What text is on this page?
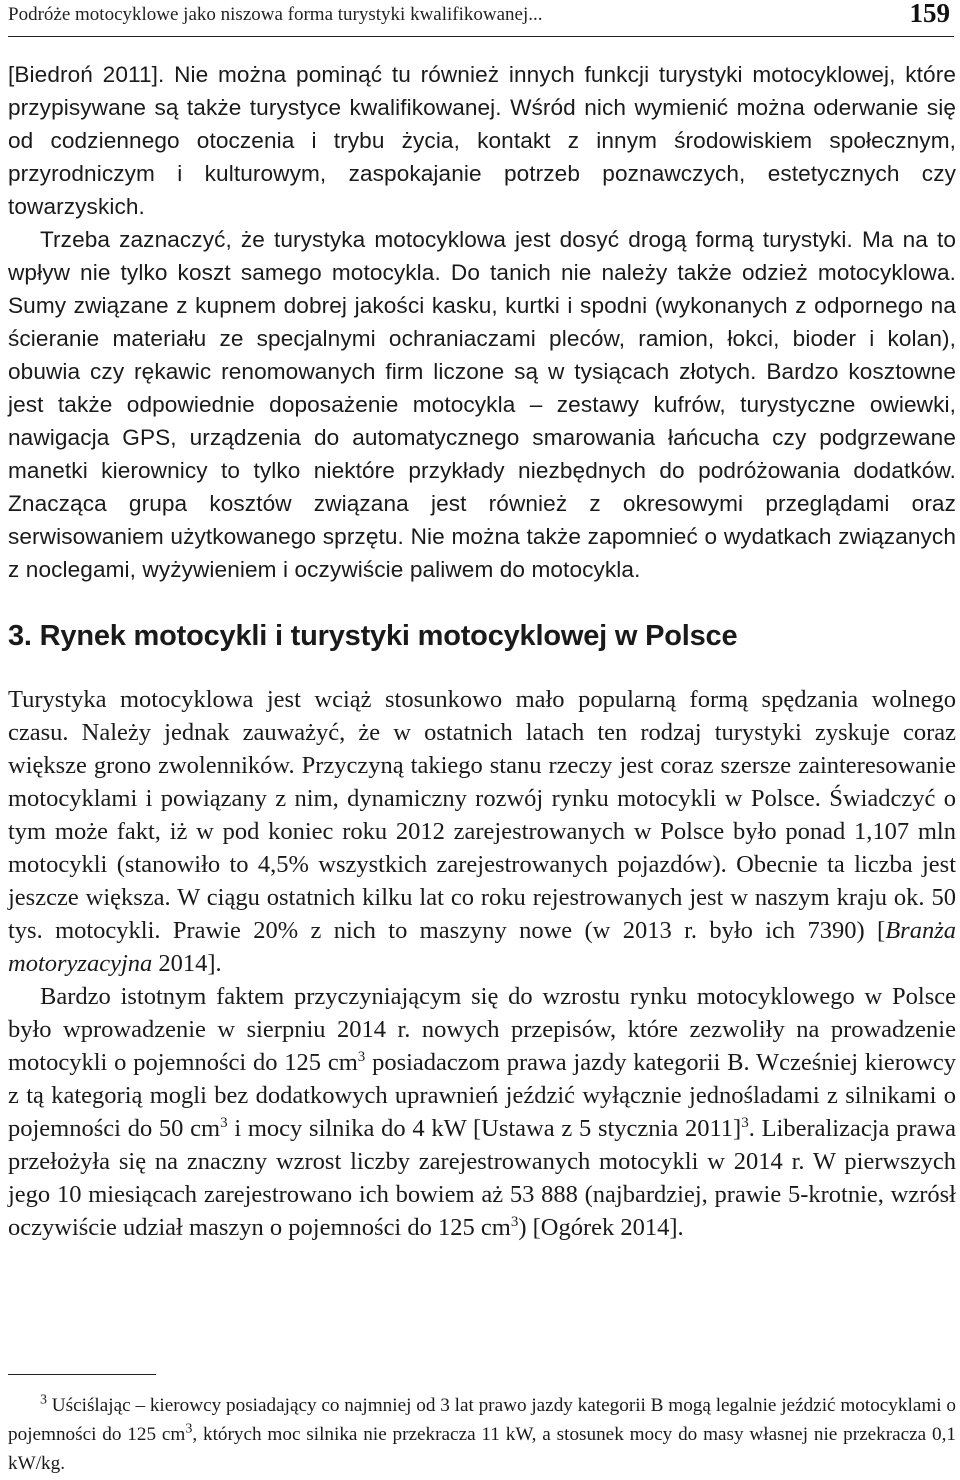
Podróże motocyklowe jako niszowa forma turystyki kwalifikowanej...	159

[Biedroń 2011]. Nie można pominąć tu również innych funkcji turystyki motocyklowej, które przypisywane są także turystyce kwalifikowanej. Wśród nich wymienić można oderwanie się od codziennego otoczenia i trybu życia, kontakt z innym środowiskiem społecznym, przyrodniczym i kulturowym, zaspokajanie potrzeb poznawczych, estetycznych czy towarzyskich.

Trzeba zaznaczyć, że turystyka motocyklowa jest dosyć drogą formą turystyki. Ma na to wpływ nie tylko koszt samego motocykla. Do tanich nie należy także odzież motocyklowa. Sumy związane z kupnem dobrej jakości kasku, kurtki i spodni (wykonanych z odpornego na ścieranie materiału ze specjalnymi ochraniaczami pleców, ramion, łokci, bioder i kolan), obuwia czy rękawic renomowanych firm liczone są w tysiącach złotych. Bardzo kosztowne jest także odpowiednie doposażenie motocykla – zestawy kufrów, turystyczne owiewki, nawigacja GPS, urządzenia do automatycznego smarowania łańcucha czy podgrzewane manetki kierownicy to tylko niektóre przykłady niezbędnych do podróżowania dodatków. Znacząca grupa kosztów związana jest również z okresowymi przeglądami oraz serwisowaniem użytkowanego sprzętu. Nie można także zapomnieć o wydatkach związanych z noclegami, wyżywieniem i oczywiście paliwem do motocykla.

3. Rynek motocykli i turystyki motocyklowej w Polsce

Turystyka motocyklowa jest wciąż stosunkowo mało popularną formą spędzania wolnego czasu. Należy jednak zauważyć, że w ostatnich latach ten rodzaj turystyki zyskuje coraz większe grono zwolenników. Przyczyną takiego stanu rzeczy jest coraz szersze zainteresowanie motocyklami i powiązany z nim, dynamiczny rozwój rynku motocykli w Polsce. Świadczyć o tym może fakt, iż w pod koniec roku 2012 zarejestrowanych w Polsce było ponad 1,107 mln motocykli (stanowiło to 4,5% wszystkich zarejestrowanych pojazdów). Obecnie ta liczba jest jeszcze większa. W ciągu ostatnich kilku lat co roku rejestrowanych jest w naszym kraju ok. 50 tys. motocykli. Prawie 20% z nich to maszyny nowe (w 2013 r. było ich 7390) [Branża motoryzacyjna 2014].

Bardzo istotnym faktem przyczyniającym się do wzrostu rynku motocyklowego w Polsce było wprowadzenie w sierpniu 2014 r. nowych przepisów, które zezwoliły na prowadzenie motocykli o pojemności do 125 $cm^3$ posiadaczom prawa jazdy kategorii B. Wcześniej kierowcy z tą kategorią mogli bez dodatkowych uprawnień jeździć wyłącznie jednośladami z silnikami o pojemności do 50 $cm^3$ i mocy silnika do 4 kW [Ustawa z 5 stycznia 2011]$^3$. Liberalizacja prawa przełożyła się na znaczny wzrost liczby zarejestrowanych motocykli w 2014 r. W pierwszych jego 10 miesiącach zarejestrowano ich bowiem aż 53 888 (najbardziej, prawie 5-krotnie, wzrósł oczywiście udział maszyn o pojemności do 125 $cm^3$) [Ogórek 2014].

$^3$ Uściślając – kierowcy posiadający co najmniej od 3 lat prawo jazdy kategorii B mogą legalnie jeździć motocyklami o pojemności do 125 $cm^3$, których moc silnika nie przekracza 11 kW, a stosunek mocy do masy własnej nie przekracza 0,1 kW/kg.
